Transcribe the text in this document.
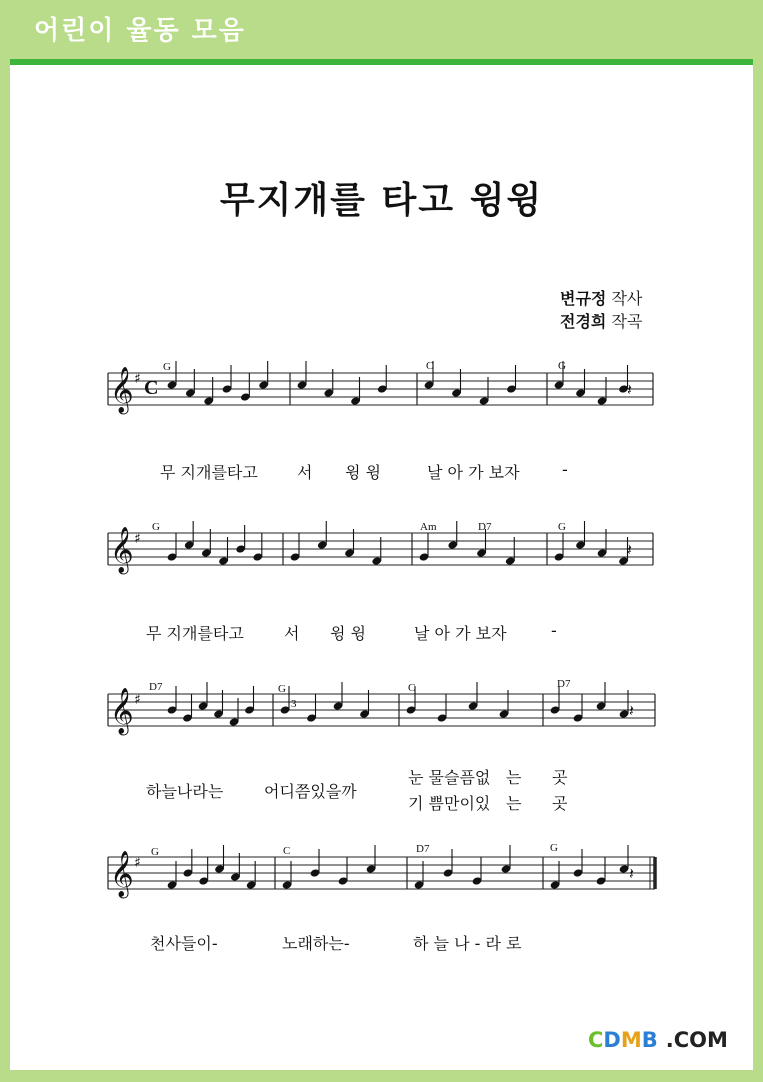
어린이 율동 모음
무지개를 타고 윙윙
변규정 작사
전경희 작곡
𝄞 ♯ C	𝄽
𝄞 ♯
𝄽
𝄞 ♯
𝄽
𝄞 ♯
𝄽
G	C	G
G	Am	D7	G
D7	G	C	D7
G	C	D7	G
3
무 지개를타고 서 윙 윙	날 아 가 보자	-
무 지개를타고	서 윙 윙	날 아 가 보자	-
하늘나라는	어디쯤있을까
눈 물슬픔없 는 곳
기 쁨만이있 는 곳
천사들이-	노래하는-	하 늘 나 - 라 로
CDMB .COM
